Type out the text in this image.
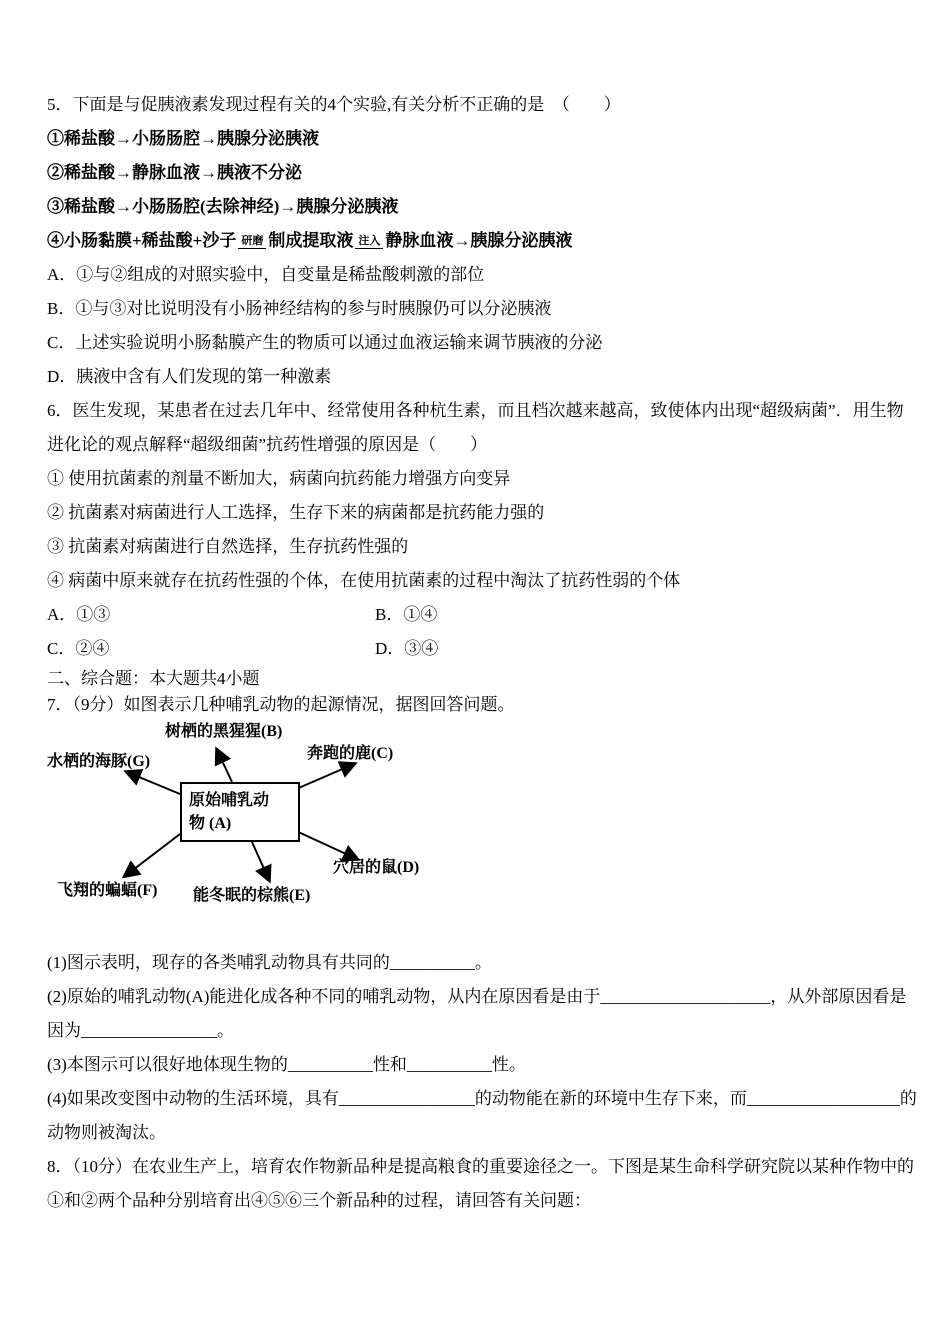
5．下面是与促胰液素发现过程有关的4个实验,有关分析不正确的是　（　　）
①稀盐酸→小肠肠腔→胰腺分泌胰液
②稀盐酸→静脉血液→胰液不分泌
③稀盐酸→小肠肠腔(去除神经)→胰腺分泌胰液
④小肠黏膜+稀盐酸+沙子 研磨 制成提取液 注入 静脉血液→胰腺分泌胰液
A．①与②组成的对照实验中，自变量是稀盐酸刺激的部位
B．①与③对比说明没有小肠神经结构的参与时胰腺仍可以分泌胰液
C．上述实验说明小肠黏膜产生的物质可以通过血液运输来调节胰液的分泌
D．胰液中含有人们发现的第一种激素
6．医生发现，某患者在过去几年中、经常使用各种杭生素，而且档次越来越高，致使体内出现“超级病菌”．用生物
进化论的观点解释“超级细菌”抗药性增强的原因是（　　）
① 使用抗菌素的剂量不断加大，病菌向抗药能力增强方向变异
② 抗菌素对病菌进行人工选择，生存下来的病菌都是抗药能力强的
③ 抗菌素对病菌进行自然选择，生存抗药性强的
④ 病菌中原来就存在抗药性强的个体，在使用抗菌素的过程中淘汰了抗药性弱的个体
A．①③	B．①④
C．②④	D．③④
二、综合题：本大题共4小题
7．（9分）如图表示几种哺乳动物的起源情况，据图回答问题。
树栖的黑猩猩(B)
奔跑的鹿(C)
水栖的海豚(G)
原始哺乳动
物 (A)
穴居的鼠(D)
能冬眠的棕熊(E)
飞翔的蝙蝠(F)
(1)图示表明，现存的各类哺乳动物具有共同的__________。
(2)原始的哺乳动物(A)能进化成各种不同的哺乳动物，从内在原因看是由于____________________，从外部原因看是
因为________________。
(3)本图示可以很好地体现生物的__________性和__________性。
(4)如果改变图中动物的生活环境，具有________________的动物能在新的环境中生存下来，而__________________的
动物则被淘汰。
8．（10分）在农业生产上，培育农作物新品种是提高粮食的重要途径之一。下图是某生命科学研究院以某种作物中的
①和②两个品种分别培育出④⑤⑥三个新品种的过程，请回答有关问题：
